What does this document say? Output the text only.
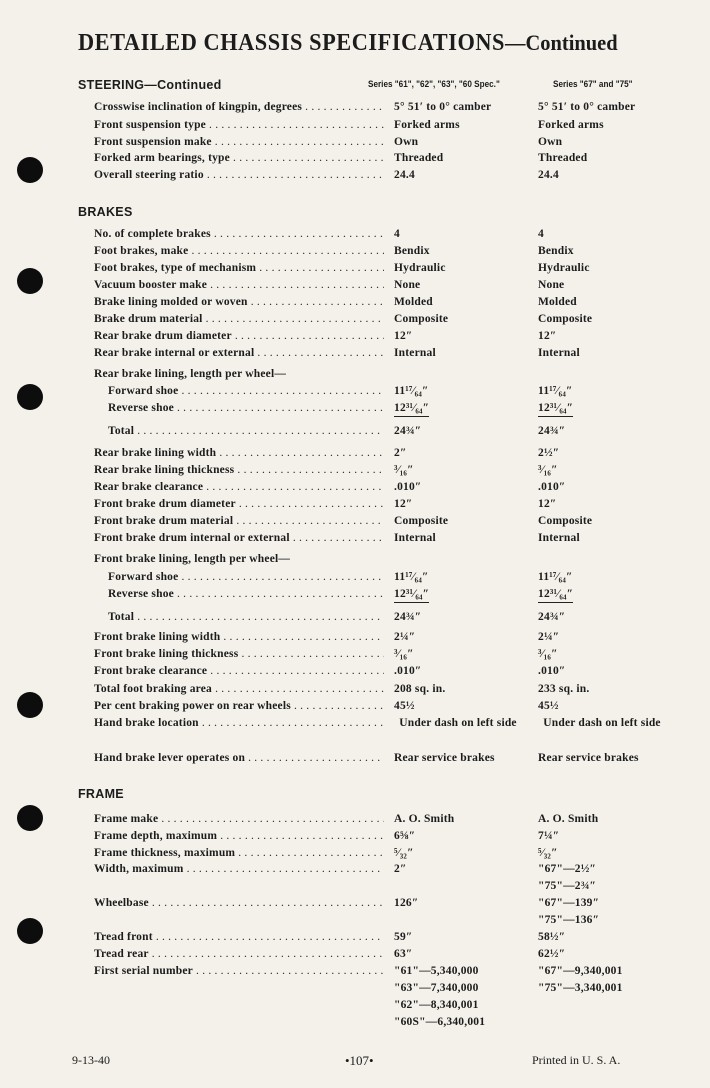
DETAILED CHASSIS SPECIFICATIONS—Continued
STEERING—Continued	Series "61", "62", "63", "60 Spec."	Series "67" and "75"
Crosswise inclination of kingpin, degrees . . .	5° 51′ to 0° camber	5° 51′ to 0° camber
Front suspension type . . .	Forked arms	Forked arms
Front suspension make . . .	Own	Own
Forked arm bearings, type . . .	Threaded	Threaded
Overall steering ratio . . .	24.4	24.4
BRAKES
No. of complete brakes . . .	4	4
Foot brakes, make . . .	Bendix	Bendix
Foot brakes, type of mechanism . . .	Hydraulic	Hydraulic
Vacuum booster make . . .	None	None
Brake lining molded or woven . . .	Molded	Molded
Brake drum material . . .	Composite	Composite
Rear brake drum diameter . . .	12″	12″
Rear brake internal or external . . .	Internal	Internal
Rear brake lining, length per wheel—
Forward shoe . . .	11¹⁷⁄₆₄″	11¹⁷⁄₆₄″
Reverse shoe . . .	12³¹⁄₆₄″	12³¹⁄₆₄″
Total . . .	24¾″	24¾″
Rear brake lining width . . .	2″	2½″
Rear brake lining thickness . . .	³⁄₁₆″	³⁄₁₆″
Rear brake clearance . . .	.010″	.010″
Front brake drum diameter . . .	12″	12″
Front brake drum material . . .	Composite	Composite
Front brake drum internal or external . . .	Internal	Internal
Front brake lining, length per wheel—
Forward shoe . . .	11¹⁷⁄₆₄″	11¹⁷⁄₆₄″
Reverse shoe . . .	12³¹⁄₆₄″	12³¹⁄₆₄″
Total . . .	24¾″	24¾″
Front brake lining width . . .	2¼″	2¼″
Front brake lining thickness . . .	³⁄₁₆″	³⁄₁₆″
Front brake clearance . . .	.010″	.010″
Total foot braking area . . .	208 sq. in.	233 sq. in.
Per cent braking power on rear wheels . . .	45½	45½
Hand brake location . . .	Under dash on left side	Under dash on left side
Hand brake lever operates on . . .	Rear service brakes	Rear service brakes
FRAME
Frame make . . .	A. O. Smith	A. O. Smith
Frame depth, maximum . . .	6⅝″	7¼″
Frame thickness, maximum . . .	⁵⁄₃₂″	⁵⁄₃₂″
Width, maximum . . .	2″	"67"—2½″
"75"—2¾″
Wheelbase . . .	126″	"67"—139″
"75"—136″
Tread front . . .	59″	58½″
Tread rear . . .	63″	62½″
First serial number . . .	"61"—5,340,000	"67"—9,340,001
"63"—7,340,000	"75"—3,340,001
"62"—8,340,001
"60S"—6,340,001
9-13-40	•107•	Printed in U. S. A.
